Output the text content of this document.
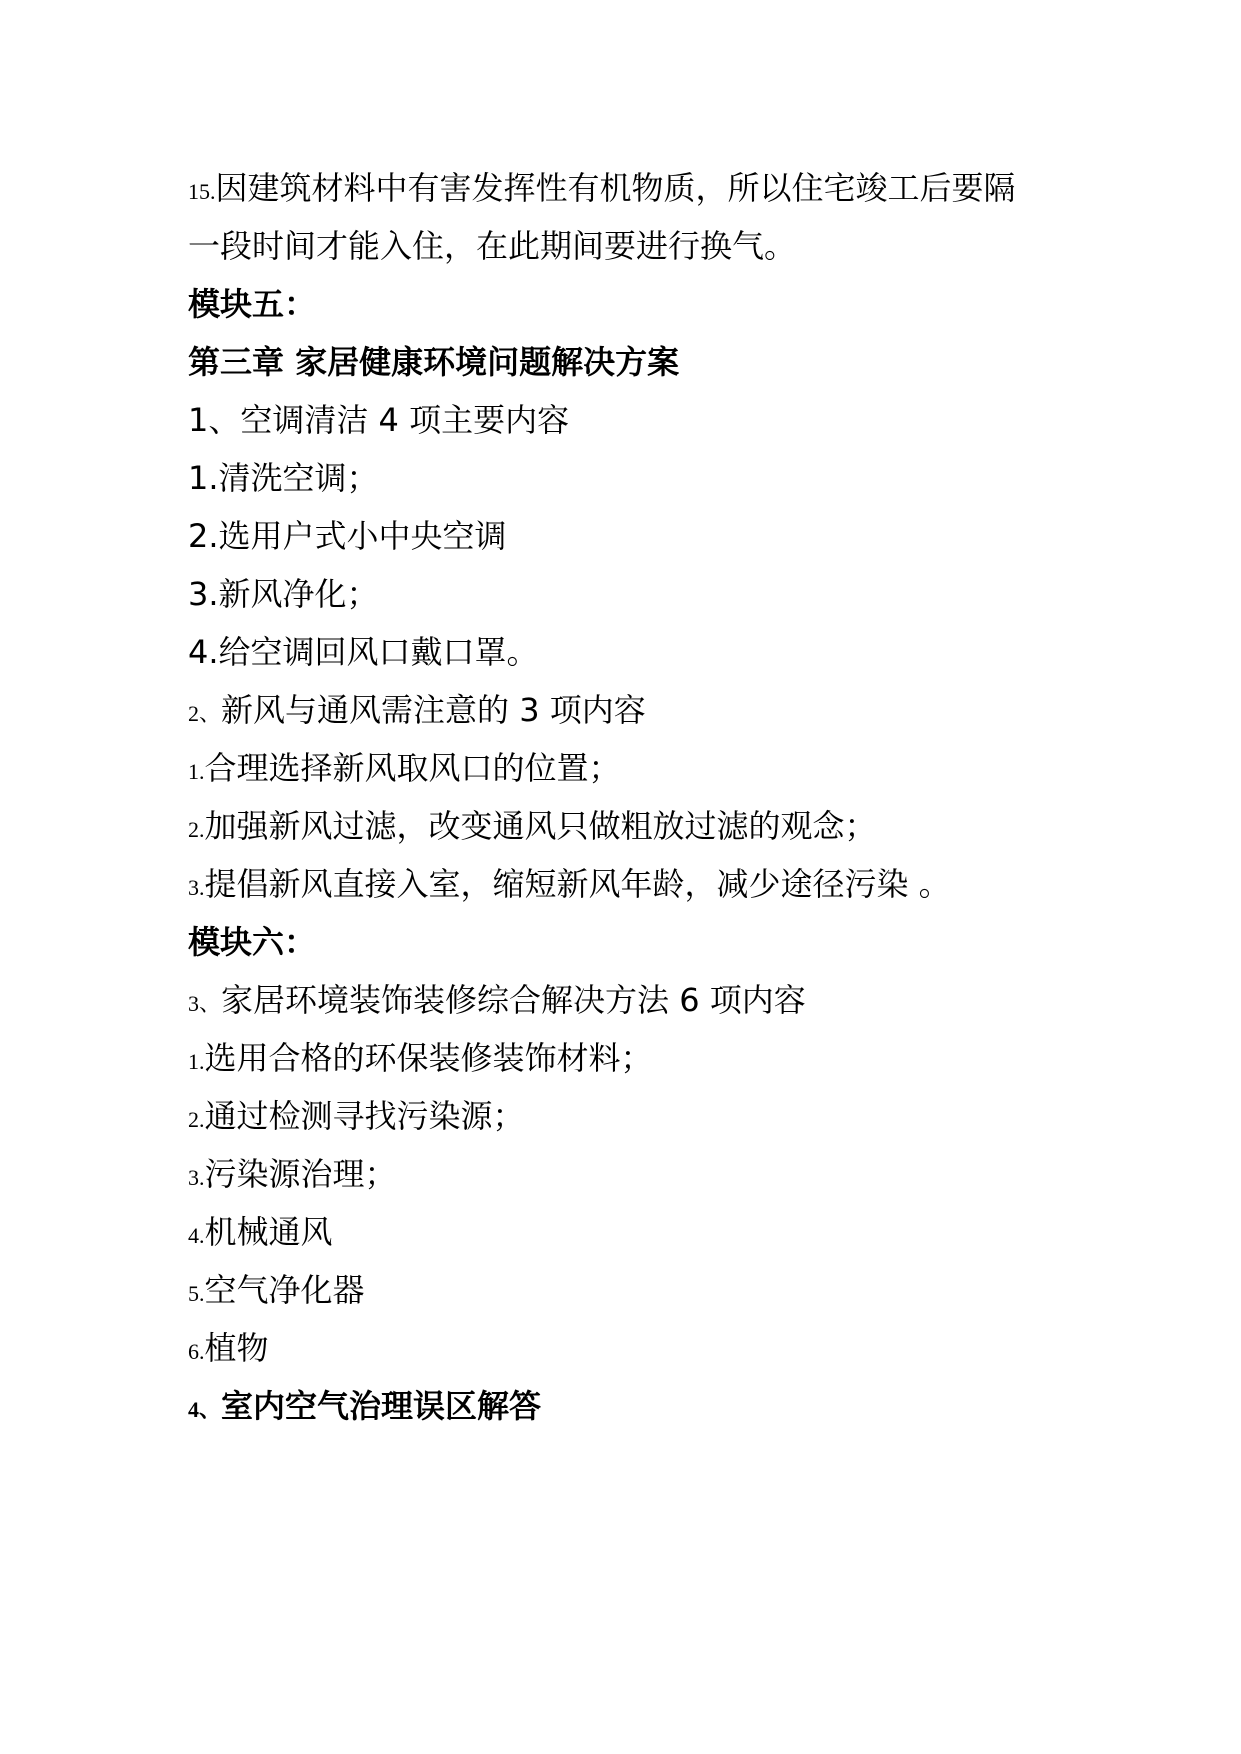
15.因建筑材料中有害发挥性有机物质，所以住宅竣工后要隔
一段时间才能入住，在此期间要进行换气。
模块五：
第三章 家居健康环境问题解决方案
1、空调清洁 4 项主要内容
1.清洗空调；
2.选用户式小中央空调
3.新风净化；
4.给空调回风口戴口罩。
2、新风与通风需注意的 3 项内容
1.合理选择新风取风口的位置；
2.加强新风过滤，改变通风只做粗放过滤的观念；
3.提倡新风直接入室，缩短新风年龄，减少途径污染 。
模块六：
3、家居环境装饰装修综合解决方法 6 项内容
1.选用合格的环保装修装饰材料；
2.通过检测寻找污染源；
3.污染源治理；
4.机械通风
5.空气净化器
6.植物
4、室内空气治理误区解答
